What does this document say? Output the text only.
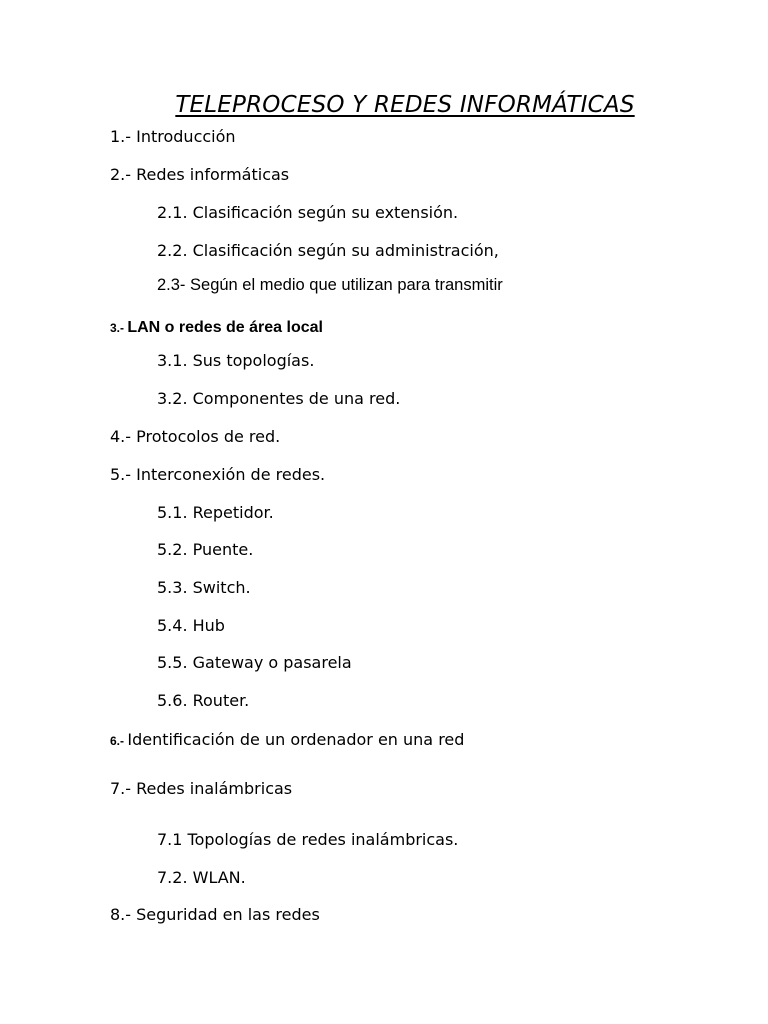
TELEPROCESO Y REDES INFORMÁTICAS
1.- Introducción
2.- Redes informáticas
2.1. Clasificación según su extensión.
2.2. Clasificación según su administración,
2.3- Según el medio que utilizan para transmitir
3.- LAN o redes de área local
3.1. Sus topologías.
3.2. Componentes de una red.
4.- Protocolos de red.
5.- Interconexión de redes.
5.1. Repetidor.
5.2. Puente.
5.3. Switch.
5.4. Hub
5.5. Gateway o pasarela
5.6. Router.
6.- Identificación de un ordenador en una red
7.- Redes inalámbricas
7.1 Topologías de redes inalámbricas.
7.2. WLAN.
8.- Seguridad en las redes
